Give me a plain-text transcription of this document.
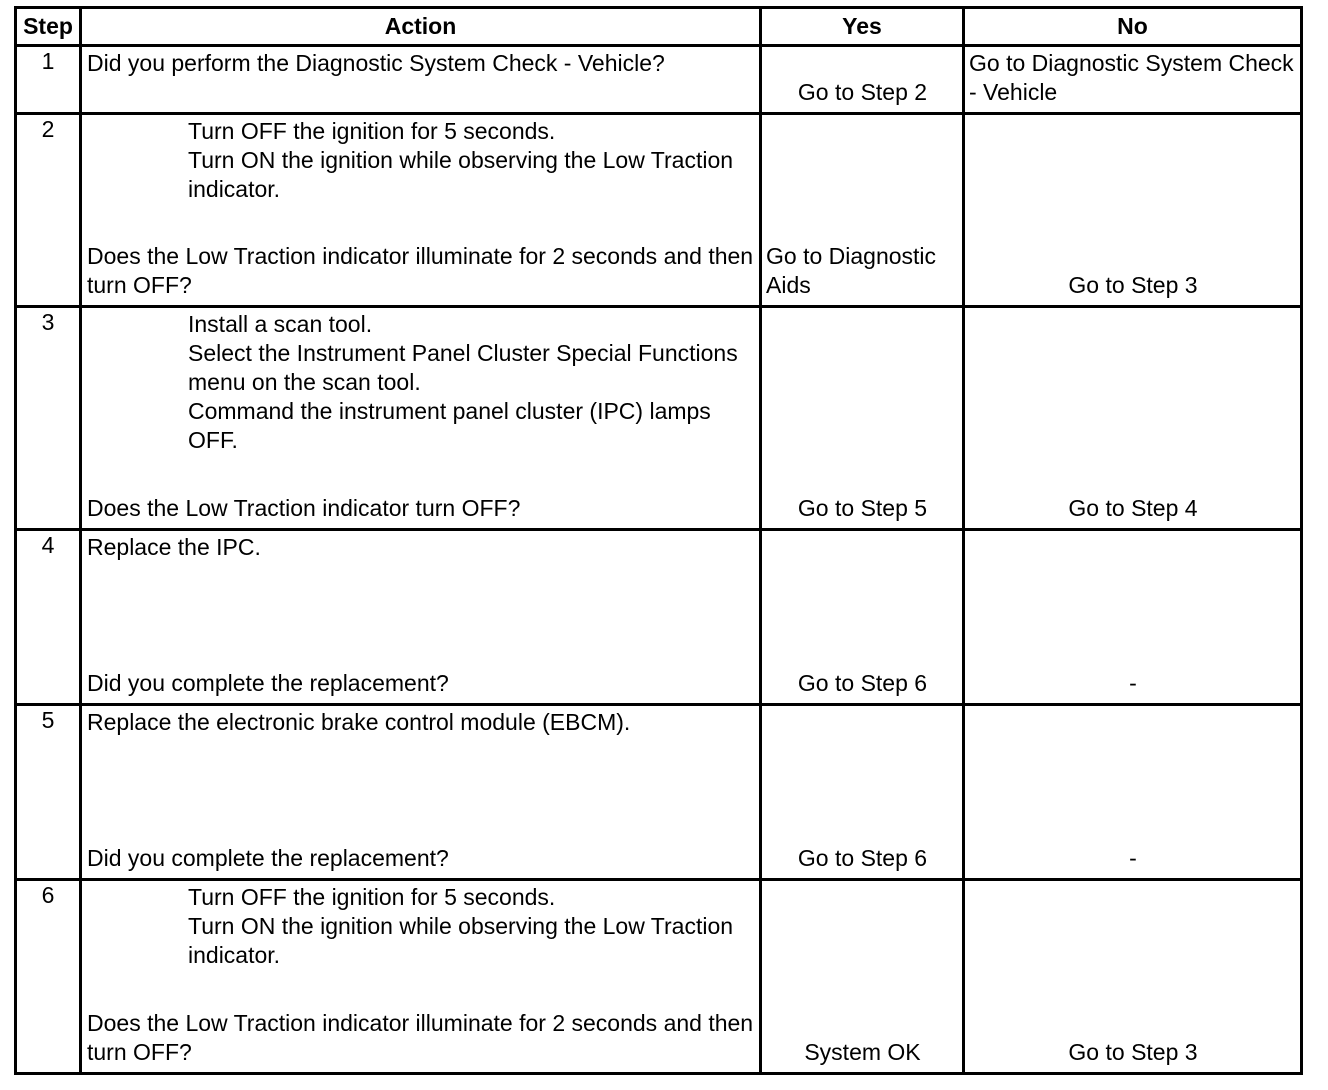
Step	Action	Yes	No
1	Did you perform the Diagnostic System Check - Vehicle?	Go to Step 2	Go to Diagnostic System Check - Vehicle

2	Turn OFF the ignition for 5 seconds.
Turn ON the ignition while observing the Low Traction indicator.
Does the Low Traction indicator illuminate for 2 seconds and then turn OFF?	Go to Diagnostic Aids	Go to Step 3

3	Install a scan tool.
Select the Instrument Panel Cluster Special Functions menu on the scan tool.
Command the instrument panel cluster (IPC) lamps OFF.
Does the Low Traction indicator turn OFF?	Go to Step 5	Go to Step 4

4	Replace the IPC.
Did you complete the replacement?	Go to Step 6	-

5	Replace the electronic brake control module (EBCM).
Did you complete the replacement?	Go to Step 6	-

6	Turn OFF the ignition for 5 seconds.
Turn ON the ignition while observing the Low Traction indicator.
Does the Low Traction indicator illuminate for 2 seconds and then turn OFF?	System OK	Go to Step 3
